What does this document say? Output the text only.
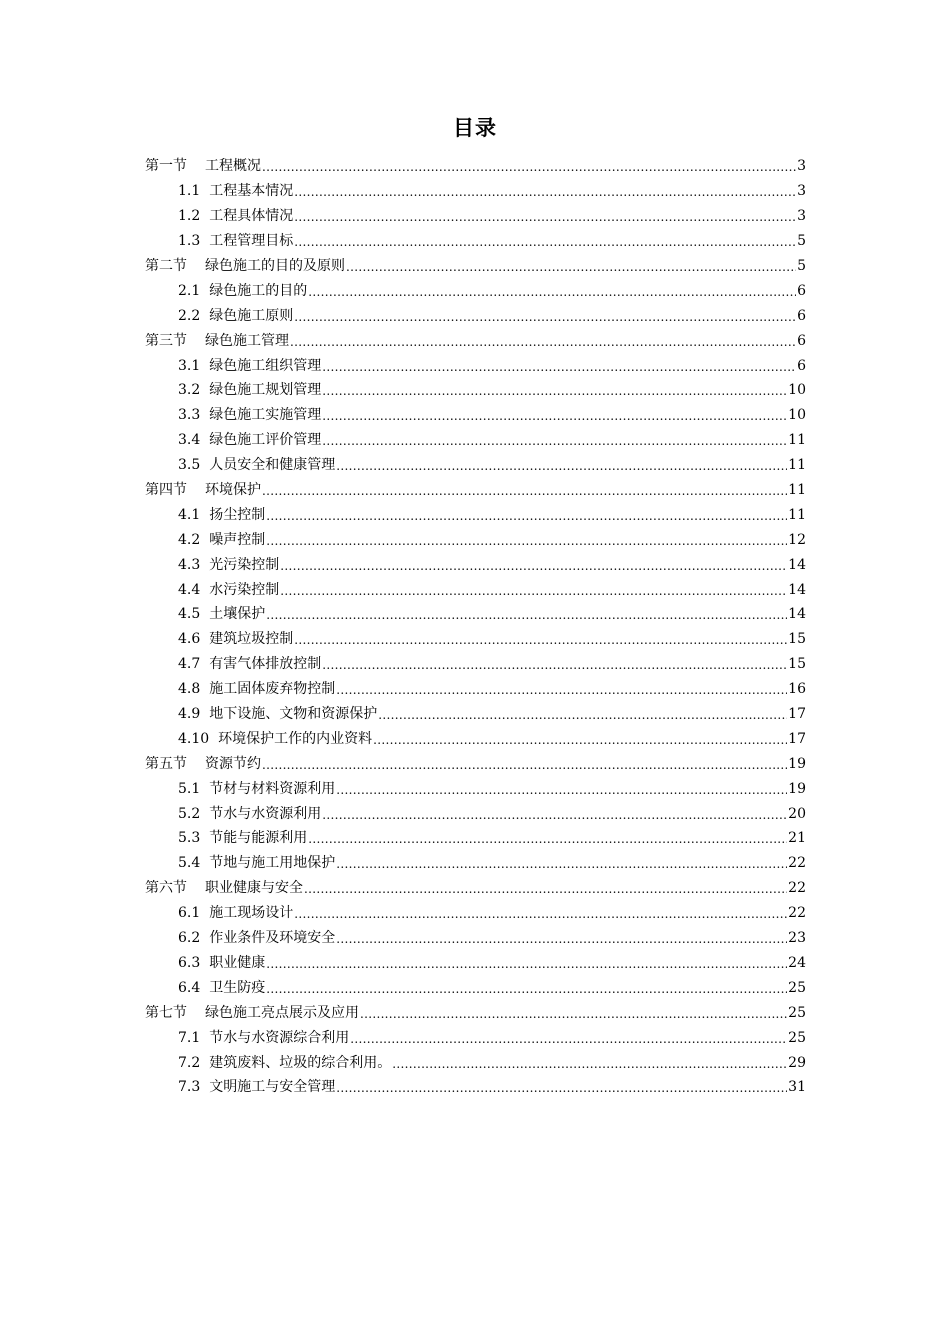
目录
第一节 工程概况 .....	3
1.1 工程基本情况 .....	3
1.2 工程具体情况 .....	3
1.3 工程管理目标 .....	5
第二节 绿色施工的目的及原则 .....	5
2.1 绿色施工的目的 .....	6
2.2 绿色施工原则 .....	6
第三节 绿色施工管理 .....	6
3.1 绿色施工组织管理 .....	6
3.2 绿色施工规划管理 .....	10
3.3 绿色施工实施管理 .....	10
3.4 绿色施工评价管理 .....	11
3.5 人员安全和健康管理 .....	11
第四节 环境保护 .....	11
4.1 扬尘控制 .....	11
4.2 噪声控制 .....	12
4.3 光污染控制 .....	14
4.4 水污染控制 .....	14
4.5 土壤保护 .....	14
4.6 建筑垃圾控制 .....	15
4.7 有害气体排放控制 .....	15
4.8 施工固体废弃物控制 .....	16
4.9 地下设施、文物和资源保护 .....	17
4.10 环境保护工作的内业资料 .....	17
第五节 资源节约 .....	19
5.1 节材与材料资源利用 .....	19
5.2 节水与水资源利用 .....	20
5.3 节能与能源利用 .....	21
5.4 节地与施工用地保护 .....	22
第六节 职业健康与安全 .....	22
6.1 施工现场设计 .....	22
6.2 作业条件及环境安全 .....	23
6.3 职业健康 .....	24
6.4 卫生防疫 .....	25
第七节 绿色施工亮点展示及应用 .....	25
7.1 节水与水资源综合利用 .....	25
7.2 建筑废料、垃圾的综合利用。 .....	29
7.3 文明施工与安全管理 .....	31
